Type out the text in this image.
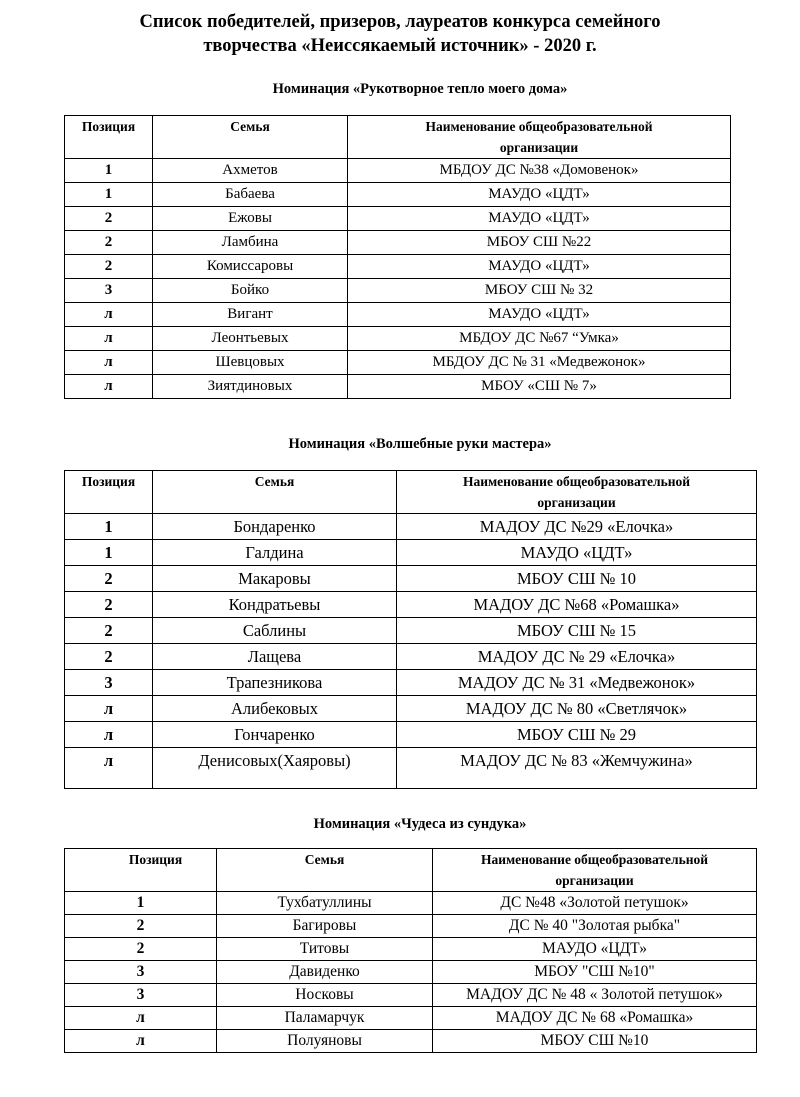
Список победителей, призеров, лауреатов конкурса семейного
творчества «Неиссякаемый источник» - 2020 г.
Номинация «Рукотворное тепло моего дома»
Позиция	Семья	Наименование общеобразовательной
организации

1	Ахметов	МБДОУ ДС №38 «Домовенок»
1	Бабаева	МАУДО «ЦДТ»
2	Ежовы	МАУДО «ЦДТ»
2	Ламбина	МБОУ СШ №22
2	Комиссаровы	МАУДО «ЦДТ»
3	Бойко	МБОУ СШ № 32
л	Вигант	МАУДО «ЦДТ»
л	Леонтьевых	МБДОУ ДС №67 “Умка»
л	Шевцовых	МБДОУ ДС № 31 «Медвежонок»
л	Зиятдиновых	МБОУ «СШ № 7»
Номинация «Волшебные руки мастера»
Позиция	Семья	Наименование общеобразовательной
организации

1	Бондаренко	МАДОУ ДС №29 «Елочка»
1	Галдина	МАУДО «ЦДТ»
2	Макаровы	МБОУ СШ № 10
2	Кондратьевы	МАДОУ ДС №68 «Ромашка»
2	Саблины	МБОУ СШ № 15
2	Лащева	МАДОУ ДС № 29 «Елочка»
3	Трапезникова	МАДОУ ДС № 31 «Медвежонок»
л	Алибековых	МАДОУ ДС № 80 «Светлячок»
л	Гончаренко	МБОУ СШ № 29
л	Денисовых(Хаяровы)	МАДОУ ДС № 83 «Жемчужина»
Номинация «Чудеса из сундука»
Позиция	Семья	Наименование общеобразовательной
организации

1	Тухбатуллины	ДС №48 «Золотой петушок»
2	Багировы	ДС № 40 "Золотая рыбка"
2	Титовы	МАУДО «ЦДТ»
3	Давиденко	МБОУ "СШ №10"
3	Носковы	МАДОУ ДС № 48 « Золотой петушок»
л	Паламарчук	МАДОУ ДС № 68 «Ромашка»
л	Полуяновы	МБОУ СШ №10
